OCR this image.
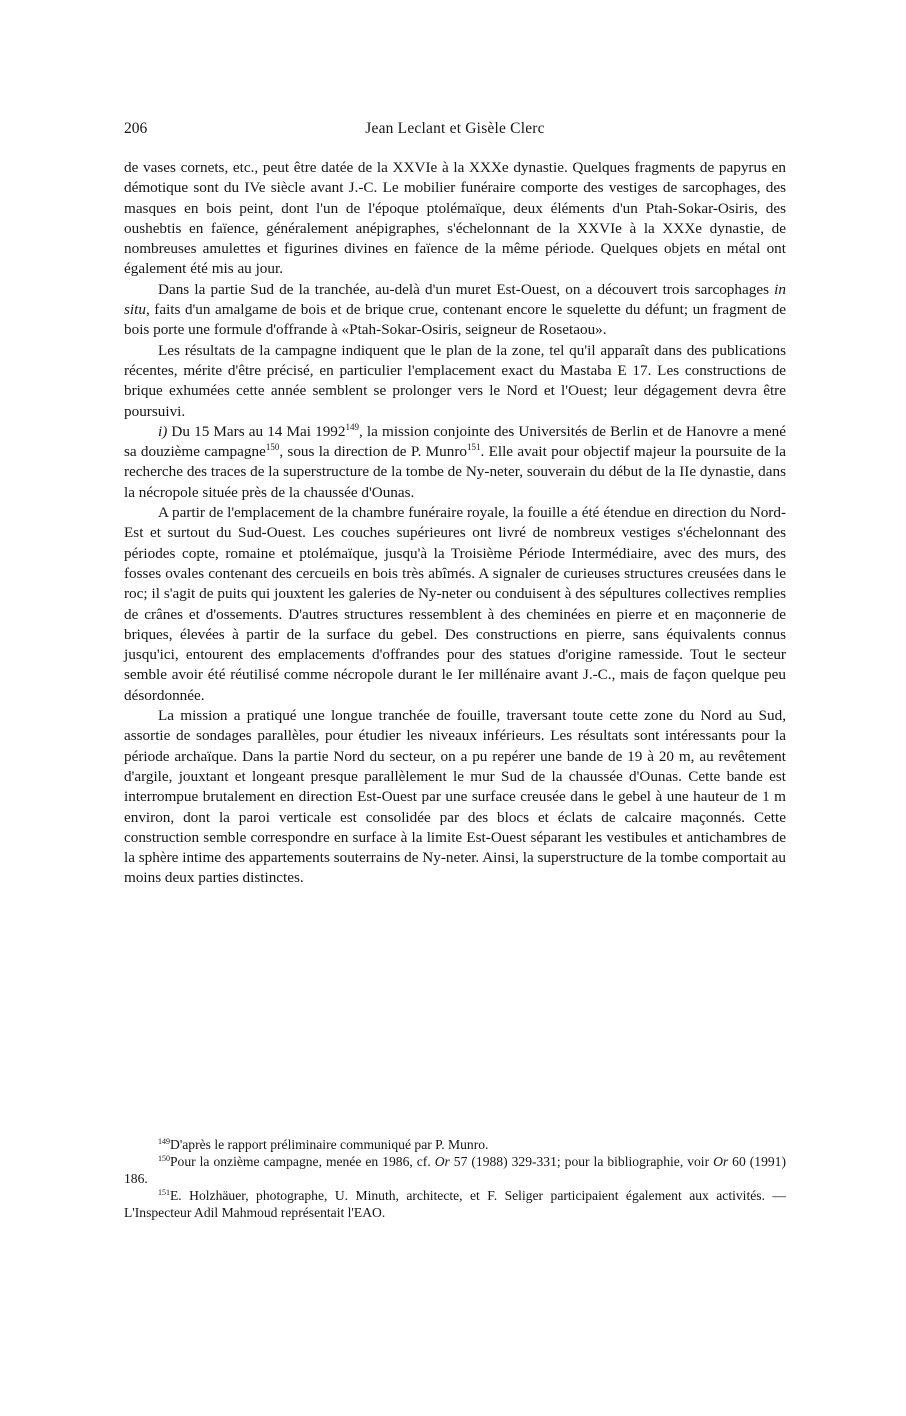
206	Jean Leclant et Gisèle Clerc

de vases cornets, etc., peut être datée de la XXVIe à la XXXe dynastie. Quelques fragments de papyrus en démotique sont du IVe siècle avant J.-C. Le mobilier funéraire comporte des vestiges de sarcophages, des masques en bois peint, dont l'un de l'époque ptolémaïque, deux éléments d'un Ptah-Sokar-Osiris, des oushebtis en faïence, généralement anépigraphes, s'échelonnant de la XXVIe à la XXXe dynastie, de nombreuses amulettes et figurines divines en faïence de la même période. Quelques objets en métal ont également été mis au jour.

Dans la partie Sud de la tranchée, au-delà d'un muret Est-Ouest, on a découvert trois sarcophages in situ, faits d'un amalgame de bois et de brique crue, contenant encore le squelette du défunt; un fragment de bois porte une formule d'offrande à «Ptah-Sokar-Osiris, seigneur de Rosetaou».

Les résultats de la campagne indiquent que le plan de la zone, tel qu'il apparaît dans des publications récentes, mérite d'être précisé, en particulier l'emplacement exact du Mastaba E 17. Les constructions de brique exhumées cette année semblent se prolonger vers le Nord et l'Ouest; leur dégagement devra être poursuivi.

i) Du 15 Mars au 14 Mai 1992$^{149}$, la mission conjointe des Universités de Berlin et de Hanovre a mené sa douzième campagne$^{150}$, sous la direction de P. Munro$^{151}$. Elle avait pour objectif majeur la poursuite de la recherche des traces de la superstructure de la tombe de Ny-neter, souverain du début de la IIe dynastie, dans la nécropole située près de la chaussée d'Ounas.

A partir de l'emplacement de la chambre funéraire royale, la fouille a été étendue en direction du Nord-Est et surtout du Sud-Ouest. Les couches supérieures ont livré de nombreux vestiges s'échelonnant des périodes copte, romaine et ptolémaïque, jusqu'à la Troisième Période Intermédiaire, avec des murs, des fosses ovales contenant des cercueils en bois très abîmés. A signaler de curieuses structures creusées dans le roc; il s'agit de puits qui jouxtent les galeries de Ny-neter ou conduisent à des sépultures collectives remplies de crânes et d'ossements. D'autres structures ressemblent à des cheminées en pierre et en maçonnerie de briques, élevées à partir de la surface du gebel. Des constructions en pierre, sans équivalents connus jusqu'ici, entourent des emplacements d'offrandes pour des statues d'origine ramesside. Tout le secteur semble avoir été réutilisé comme nécropole durant le Ier millénaire avant J.-C., mais de façon quelque peu désordonnée.

La mission a pratiqué une longue tranchée de fouille, traversant toute cette zone du Nord au Sud, assortie de sondages parallèles, pour étudier les niveaux inférieurs. Les résultats sont intéressants pour la période archaïque. Dans la partie Nord du secteur, on a pu repérer une bande de 19 à 20 m, au revêtement d'argile, jouxtant et longeant presque parallèlement le mur Sud de la chaussée d'Ounas. Cette bande est interrompue brutalement en direction Est-Ouest par une surface creusée dans le gebel à une hauteur de 1 m environ, dont la paroi verticale est consolidée par des blocs et éclats de calcaire maçonnés. Cette construction semble correspondre en surface à la limite Est-Ouest séparant les vestibules et antichambres de la sphère intime des appartements souterrains de Ny-neter. Ainsi, la superstructure de la tombe comportait au moins deux parties distinctes.

$^{149}$D'après le rapport préliminaire communiqué par P. Munro.

$^{150}$Pour la onzième campagne, menée en 1986, cf. Or 57 (1988) 329-331; pour la bibliographie, voir Or 60 (1991) 186.

$^{151}$E. Holzhäuer, photographe, U. Minuth, architecte, et F. Seliger participaient également aux activités. — L'Inspecteur Adil Mahmoud représentait l'EAO.
